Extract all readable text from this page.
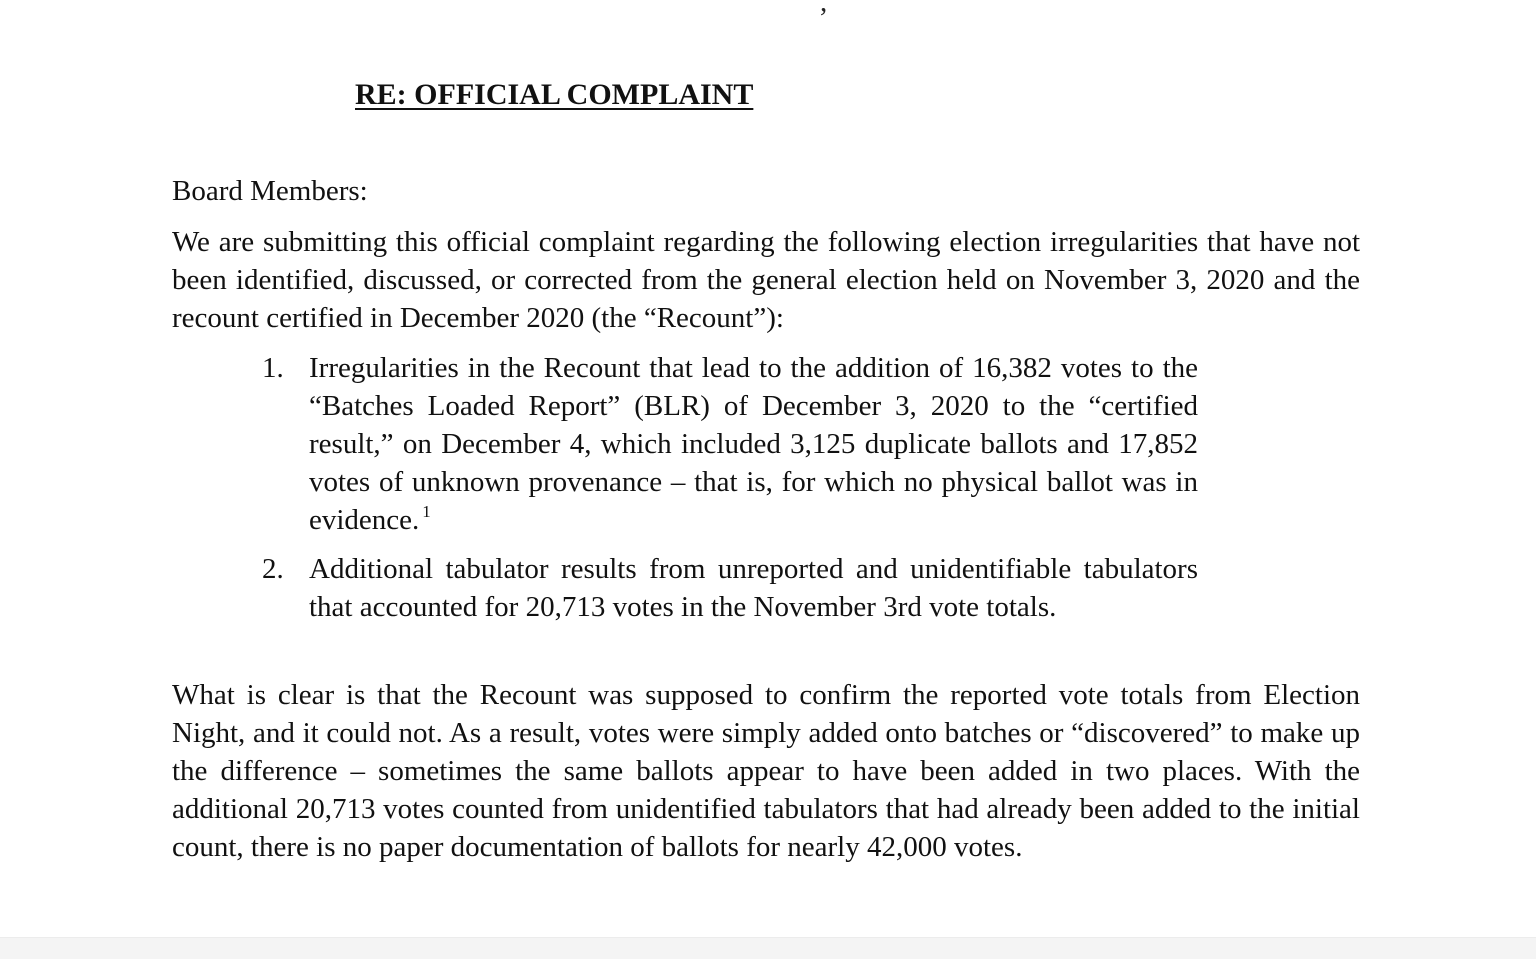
,
RE: OFFICIAL COMPLAINT

Board Members:

We are submitting this official complaint regarding the following election irregularities that have not been identified, discussed, or corrected from the general election held on November 3, 2020 and the recount certified in December 2020 (the “Recount”):

1. Irregularities in the Recount that lead to the addition of 16,382 votes to the “Batches Loaded Report” (BLR) of December 3, 2020 to the “certified result,” on December 4, which included 3,125 duplicate ballots and 17,852 votes of unknown provenance – that is, for which no physical ballot was in evidence. $^1$
2. Additional tabulator results from unreported and unidentifiable tabulators that accounted for 20,713 votes in the November 3rd vote totals.

What is clear is that the Recount was supposed to confirm the reported vote totals from Election Night, and it could not. As a result, votes were simply added onto batches or “discovered” to make up the difference – sometimes the same ballots appear to have been added in two places. With the additional 20,713 votes counted from unidentified tabulators that had already been added to the initial count, there is no paper documentation of ballots for nearly 42,000 votes.
